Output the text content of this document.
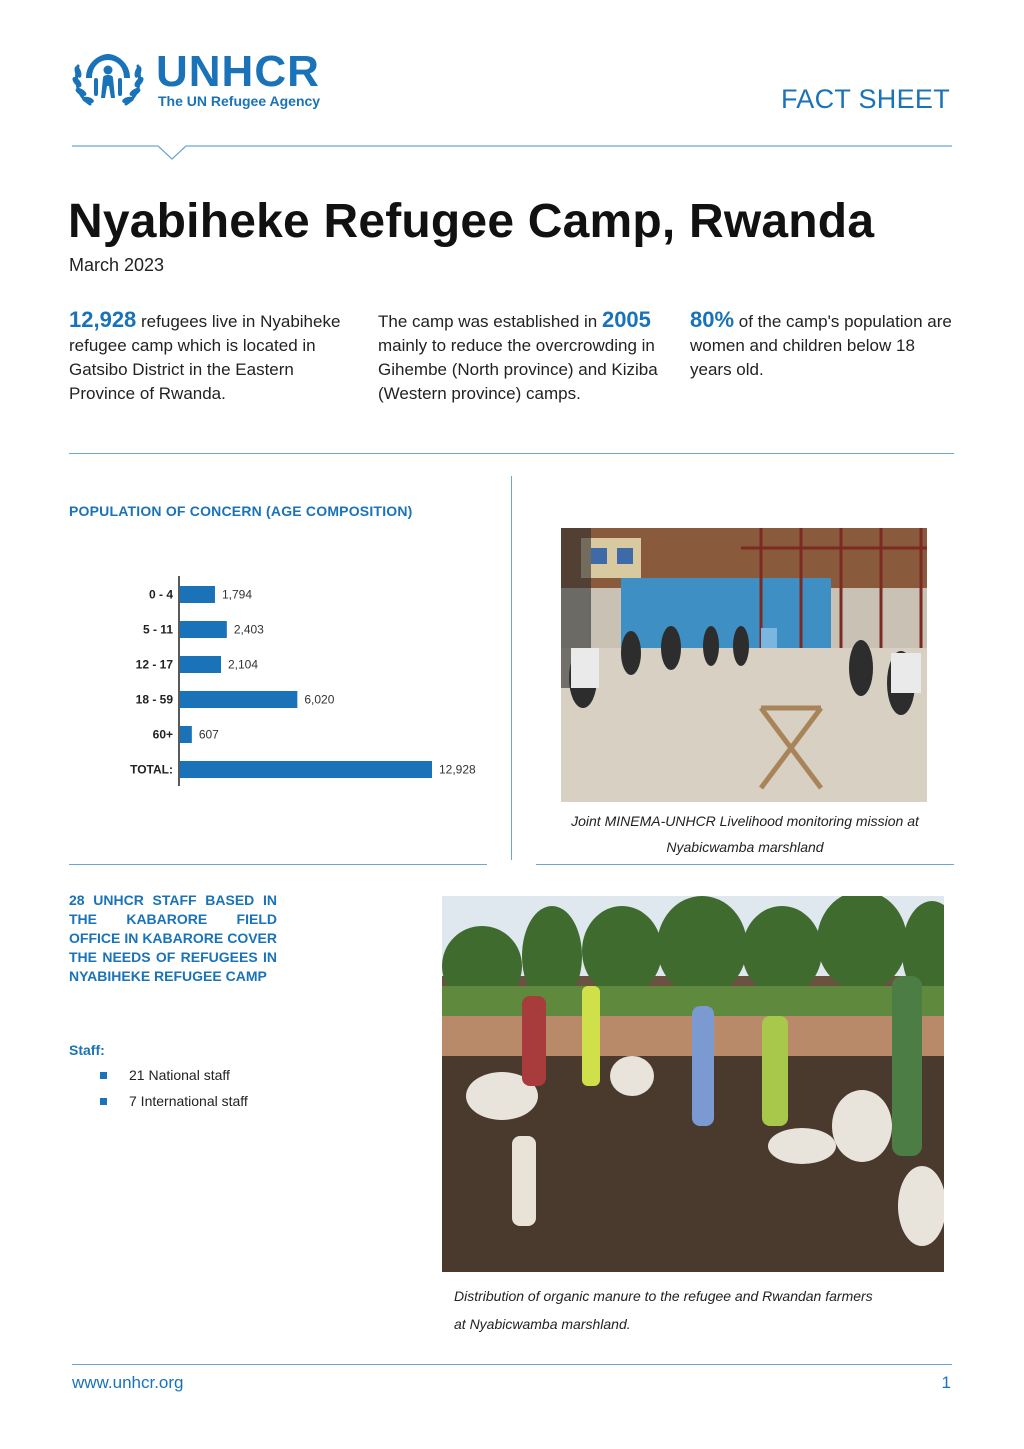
UNHCR
The UN Refugee Agency	FACT SHEET
Nyabiheke Refugee Camp, Rwanda
March 2023
12,928 refugees live in Nyabiheke refugee camp which is located in Gatsibo District in the Eastern Province of Rwanda.
The camp was established in 2005 mainly to reduce the overcrowding in Gihembe (North province) and Kiziba (Western province) camps.
80% of the camp's population are women and children below 18 years old.
POPULATION OF CONCERN (AGE COMPOSITION)
0 - 4	1,794
5 - 11	2,403
12 - 17	2,104
18 - 59	6,020
60+ 607
TOTAL:	12,928
Joint MINEMA-UNHCR Livelihood monitoring mission at
Nyabicwamba marshland
28 UNHCR STAFF BASED IN THE KABARORE FIELD OFFICE IN KABARORE COVER THE NEEDS OF REFUGEES IN NYABIHEKE REFUGEE CAMP
Staff:
21 National staff
7 International staff
Distribution of organic manure to the refugee and Rwandan farmers
at Nyabicwamba marshland.
www.unhcr.org	1
